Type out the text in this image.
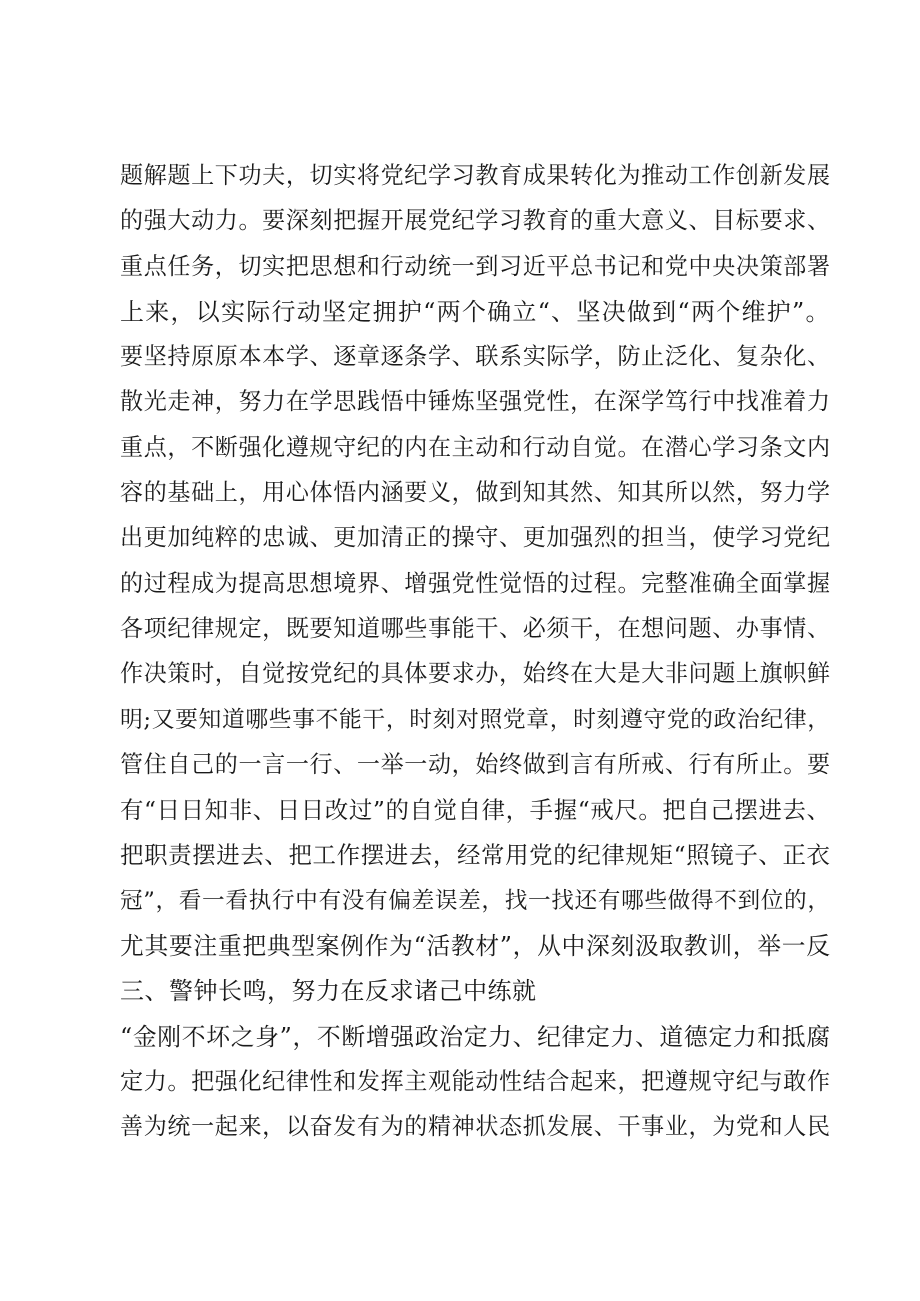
题解题上下功夫，切实将党纪学习教育成果转化为推动工作创新发展
的强大动力。要深刻把握开展党纪学习教育的重大意义、目标要求、
重点任务，切实把思想和行动统一到习近平总书记和党中央决策部署
上来，以实际行动坚定拥护“两个确立“、坚决做到“两个维护”。
要坚持原原本本学、逐章逐条学、联系实际学，防止泛化、复杂化、
散光走神，努力在学思践悟中锤炼坚强党性，在深学笃行中找准着力
重点，不断强化遵规守纪的内在主动和行动自觉。在潜心学习条文内
容的基础上，用心体悟内涵要义，做到知其然、知其所以然，努力学
出更加纯粹的忠诚、更加清正的操守、更加强烈的担当，使学习党纪
的过程成为提高思想境界、增强党性觉悟的过程。完整准确全面掌握
各项纪律规定，既要知道哪些事能干、必须干，在想问题、办事情、
作决策时，自觉按党纪的具体要求办，始终在大是大非问题上旗帜鲜
明;又要知道哪些事不能干，时刻对照党章，时刻遵守党的政治纪律，
管住自己的一言一行、一举一动，始终做到言有所戒、行有所止。要
有“日日知非、日日改过”的自觉自律，手握“戒尺。把自己摆进去、
把职责摆进去、把工作摆进去，经常用党的纪律规矩“照镜子、正衣
冠”，看一看执行中有没有偏差误差，找一找还有哪些做得不到位的，
尤其要注重把典型案例作为“活教材”，从中深刻汲取教训，举一反
三、警钟长鸣，努力在反求诸己中练就
“金刚不坏之身”，不断增强政治定力、纪律定力、道德定力和抵腐
定力。把强化纪律性和发挥主观能动性结合起来，把遵规守纪与敢作
善为统一起来，以奋发有为的精神状态抓发展、干事业，为党和人民
